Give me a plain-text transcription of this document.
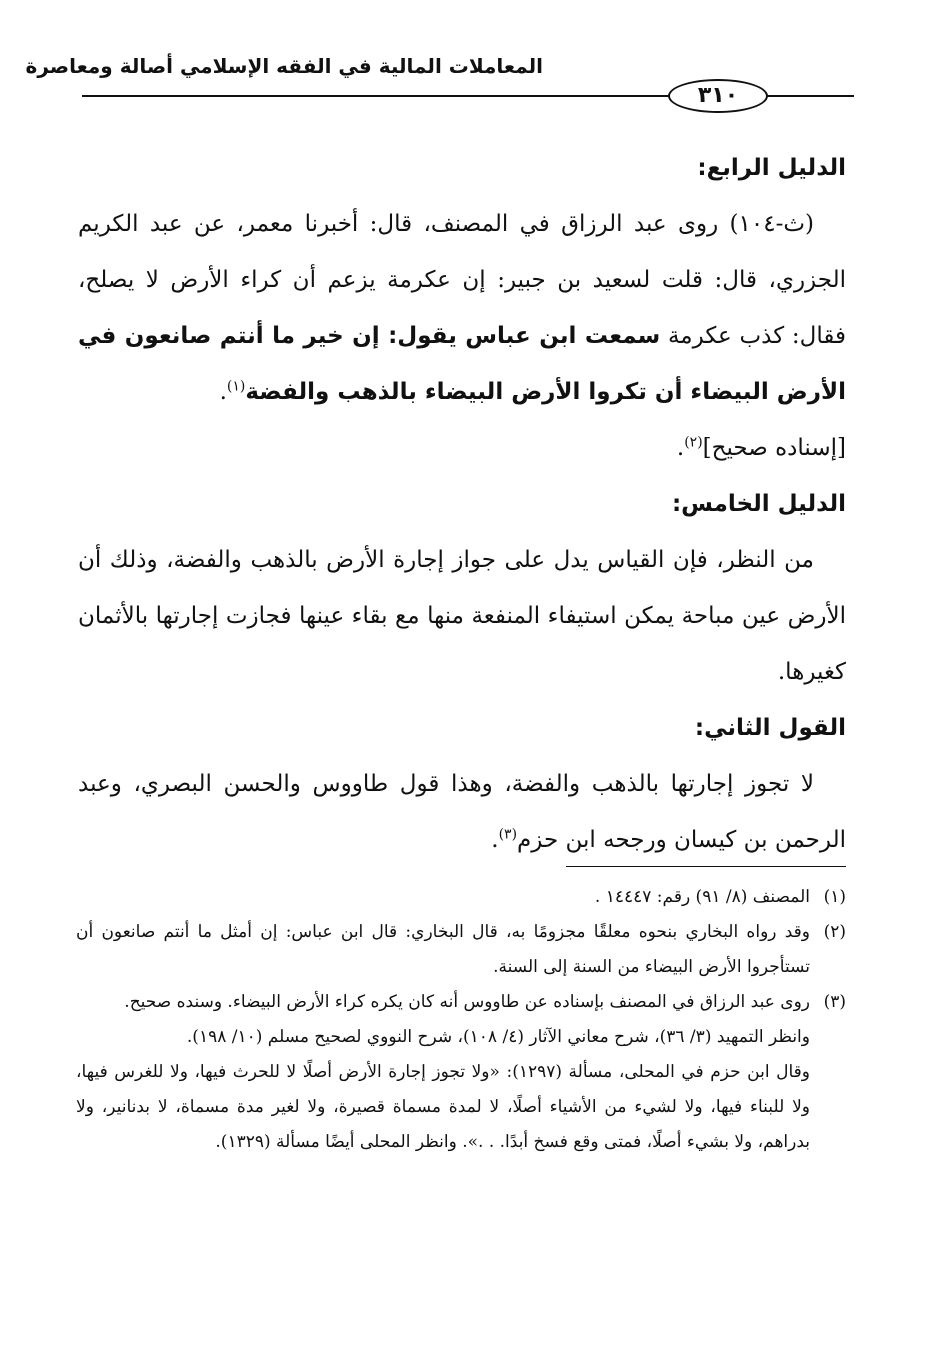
المعاملات المالية في الفقه الإسلامي أصالة ومعاصرة
٣١٠
الدليل الرابع:

(ث-١٠٤) روى عبد الرزاق في المصنف، قال: أخبرنا معمر، عن عبد الكريم الجزري، قال: قلت لسعيد بن جبير: إن عكرمة يزعم أن كراء الأرض لا يصلح، فقال: كذب عكرمة سمعت ابن عباس يقول: إن خير ما أنتم صانعون في الأرض البيضاء أن تكروا الأرض البيضاء بالذهب والفضة$^{(١)}$.

[إسناده صحيح]$^{(٢)}$.

الدليل الخامس:

من النظر، فإن القياس يدل على جواز إجارة الأرض بالذهب والفضة، وذلك أن الأرض عين مباحة يمكن استيفاء المنفعة منها مع بقاء عينها فجازت إجارتها بالأثمان كغيرها.

القول الثاني:

لا تجوز إجارتها بالذهب والفضة، وهذا قول طاووس والحسن البصري، وعبد الرحمن بن كيسان ورجحه ابن حزم$^{(٣)}$.

(١)

المصنف (٨/ ٩١) رقم: ١٤٤٤٧ .

(٢)

وقد رواه البخاري بنحوه معلقًا مجزومًا به، قال البخاري: قال ابن عباس: إن أمثل ما أنتم صانعون أن تستأجروا الأرض البيضاء من السنة إلى السنة.

(٣)

روى عبد الرزاق في المصنف بإسناده عن طاووس أنه كان يكره كراء الأرض البيضاء. وسنده صحيح.

وانظر التمهيد (٣/ ٣٦)، شرح معاني الآثار (٤/ ١٠٨)، شرح النووي لصحيح مسلم (١٠/ ١٩٨).

وقال ابن حزم في المحلى، مسألة (١٢٩٧): «ولا تجوز إجارة الأرض أصلًا لا للحرث فيها، ولا للغرس فيها، ولا للبناء فيها، ولا لشيء من الأشياء أصلًا، لا لمدة مسماة قصيرة، ولا لغير مدة مسماة، لا بدنانير، ولا بدراهم، ولا بشيء أصلًا، فمتى وقع فسخ أبدًا. . .». وانظر المحلى أيضًا مسألة (١٣٢٩).
